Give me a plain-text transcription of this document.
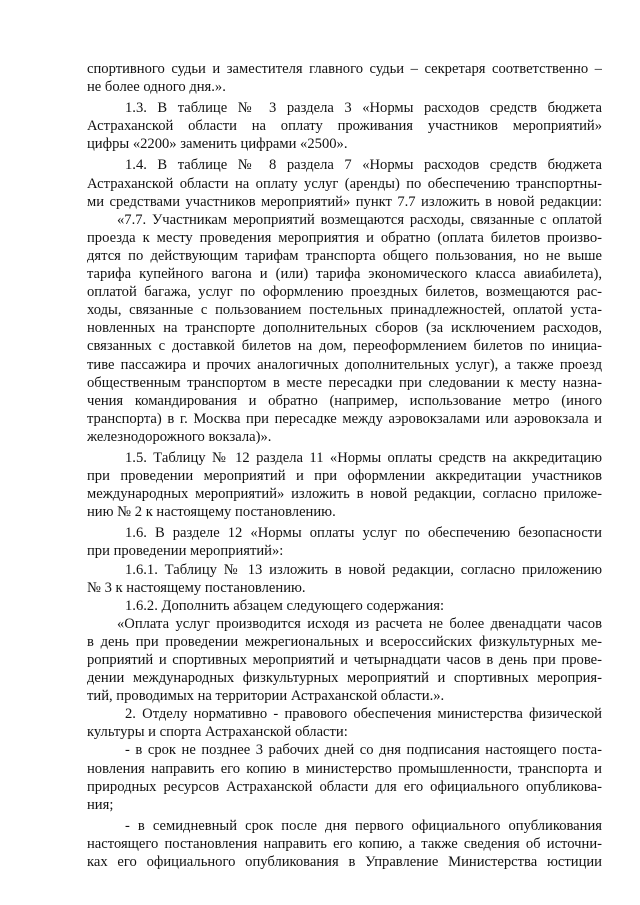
спортивного судьи и заместителя главного судьи – секретаря соответственно –
не более одного дня.».
1.3. В таблице № 3 раздела 3 «Нормы расходов средств бюджета
Астраханской области на оплату проживания участников мероприятий»
цифры «2200» заменить цифрами «2500».
1.4. В таблице № 8 раздела 7 «Нормы расходов средств бюджета
Астраханской области на оплату услуг (аренды) по обеспечению транспортны-
ми средствами участников мероприятий» пункт 7.7 изложить в новой редакции:
«7.7. Участникам мероприятий возмещаются расходы, связанные с оплатой
проезда к месту проведения мероприятия и обратно (оплата билетов произво-
дятся по действующим тарифам транспорта общего пользования, но не выше
тарифа купейного вагона и (или) тарифа экономического класса авиабилета),
оплатой багажа, услуг по оформлению проездных билетов, возмещаются рас-
ходы, связанные с пользованием постельных принадлежностей, оплатой уста-
новленных на транспорте дополнительных сборов (за исключением расходов,
связанных с доставкой билетов на дом, переоформлением билетов по инициа-
тиве пассажира и прочих аналогичных дополнительных услуг), а также проезд
общественным транспортом в месте пересадки при следовании к месту назна-
чения командирования и обратно (например, использование метро (иного
транспорта) в г. Москва при пересадке между аэровокзалами или аэровокзала и
железнодорожного вокзала)».
1.5. Таблицу № 12 раздела 11 «Нормы оплаты средств на аккредитацию
при проведении мероприятий и при оформлении аккредитации участников
международных мероприятий» изложить в новой редакции, согласно приложе-
нию № 2 к настоящему постановлению.
1.6. В разделе 12 «Нормы оплаты услуг по обеспечению безопасности
при проведении мероприятий»:
1.6.1. Таблицу № 13 изложить в новой редакции, согласно приложению
№ 3 к настоящему постановлению.
1.6.2. Дополнить абзацем следующего содержания:
«Оплата услуг производится исходя из расчета не более двенадцати часов
в день при проведении межрегиональных и всероссийских физкультурных ме-
роприятий и спортивных мероприятий и четырнадцати часов в день при прове-
дении международных физкультурных мероприятий и спортивных мероприя-
тий, проводимых на территории Астраханской области.».
2. Отделу нормативно - правового обеспечения министерства физической
культуры и спорта Астраханской области:
- в срок не позднее 3 рабочих дней со дня подписания настоящего поста-
новления направить его копию в министерство промышленности, транспорта и
природных ресурсов Астраханской области для его официального опубликова-
ния;
- в семидневный срок после дня первого официального опубликования
настоящего постановления направить его копию, а также сведения об источни-
ках его официального опубликования в Управление Министерства юстиции
